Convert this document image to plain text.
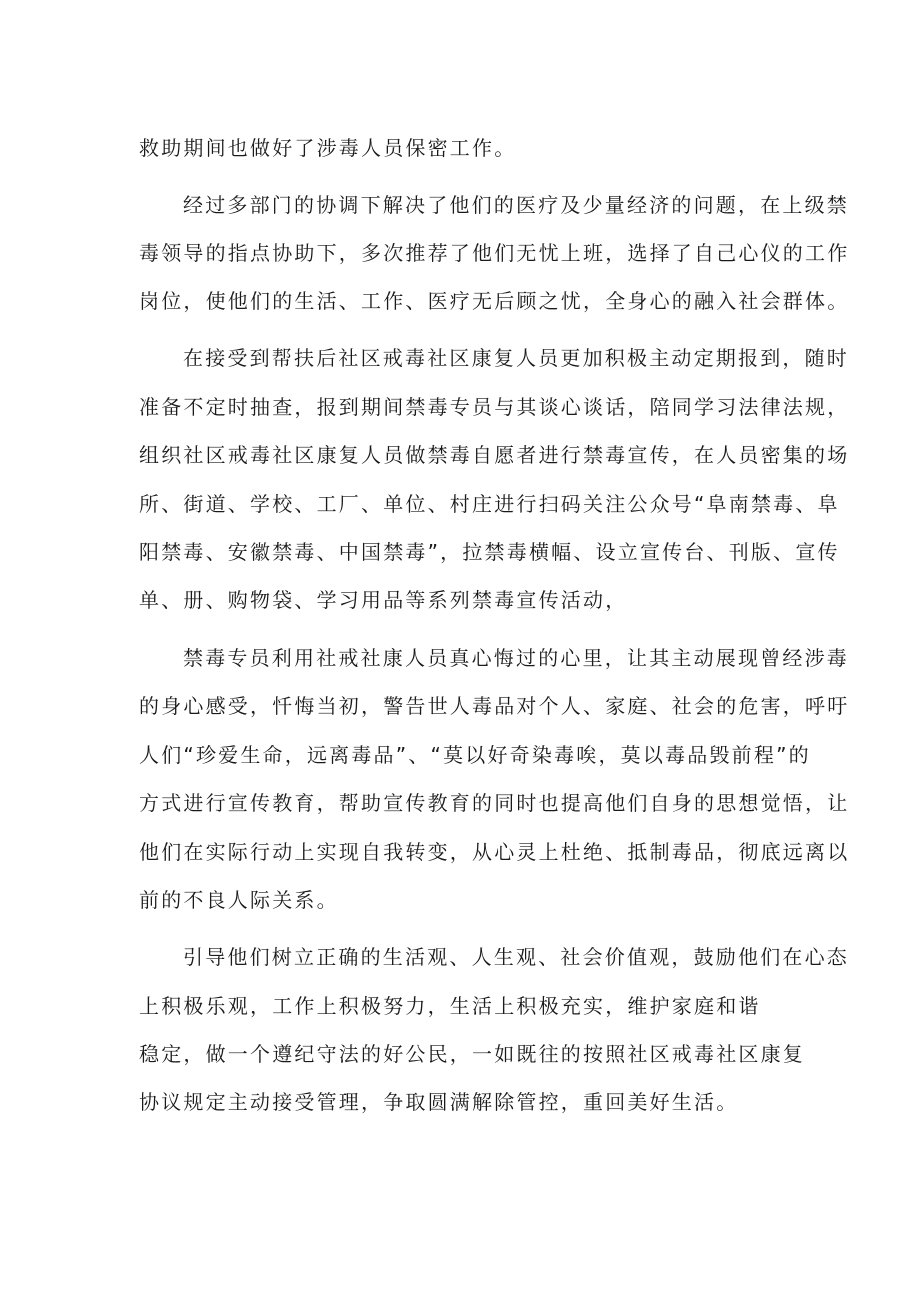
救助期间也做好了涉毒人员保密工作。
经过多部门的协调下解决了他们的医疗及少量经济的问题，在上级禁
毒领导的指点协助下，多次推荐了他们无忧上班，选择了自己心仪的工作
岗位，使他们的生活、工作、医疗无后顾之忧，全身心的融入社会群体。
在接受到帮扶后社区戒毒社区康复人员更加积极主动定期报到，随时
准备不定时抽查，报到期间禁毒专员与其谈心谈话，陪同学习法律法规，
组织社区戒毒社区康复人员做禁毒自愿者进行禁毒宣传，在人员密集的场
所、街道、学校、工厂、单位、村庄进行扫码关注公众号“阜南禁毒、阜
阳禁毒、安徽禁毒、中国禁毒”，拉禁毒横幅、设立宣传台、刊版、宣传
单、册、购物袋、学习用品等系列禁毒宣传活动，
禁毒专员利用社戒社康人员真心悔过的心里，让其主动展现曾经涉毒
的身心感受，忏悔当初，警告世人毒品对个人、家庭、社会的危害，呼吁
人们“珍爱生命，远离毒品”、“莫以好奇染毒唉，莫以毒品毁前程”的
方式进行宣传教育，帮助宣传教育的同时也提高他们自身的思想觉悟，让
他们在实际行动上实现自我转变，从心灵上杜绝、抵制毒品，彻底远离以
前的不良人际关系。
引导他们树立正确的生活观、人生观、社会价值观，鼓励他们在心态
上积极乐观，工作上积极努力，生活上积极充实，维护家庭和谐
稳定，做一个遵纪守法的好公民，一如既往的按照社区戒毒社区康复
协议规定主动接受管理，争取圆满解除管控，重回美好生活。
